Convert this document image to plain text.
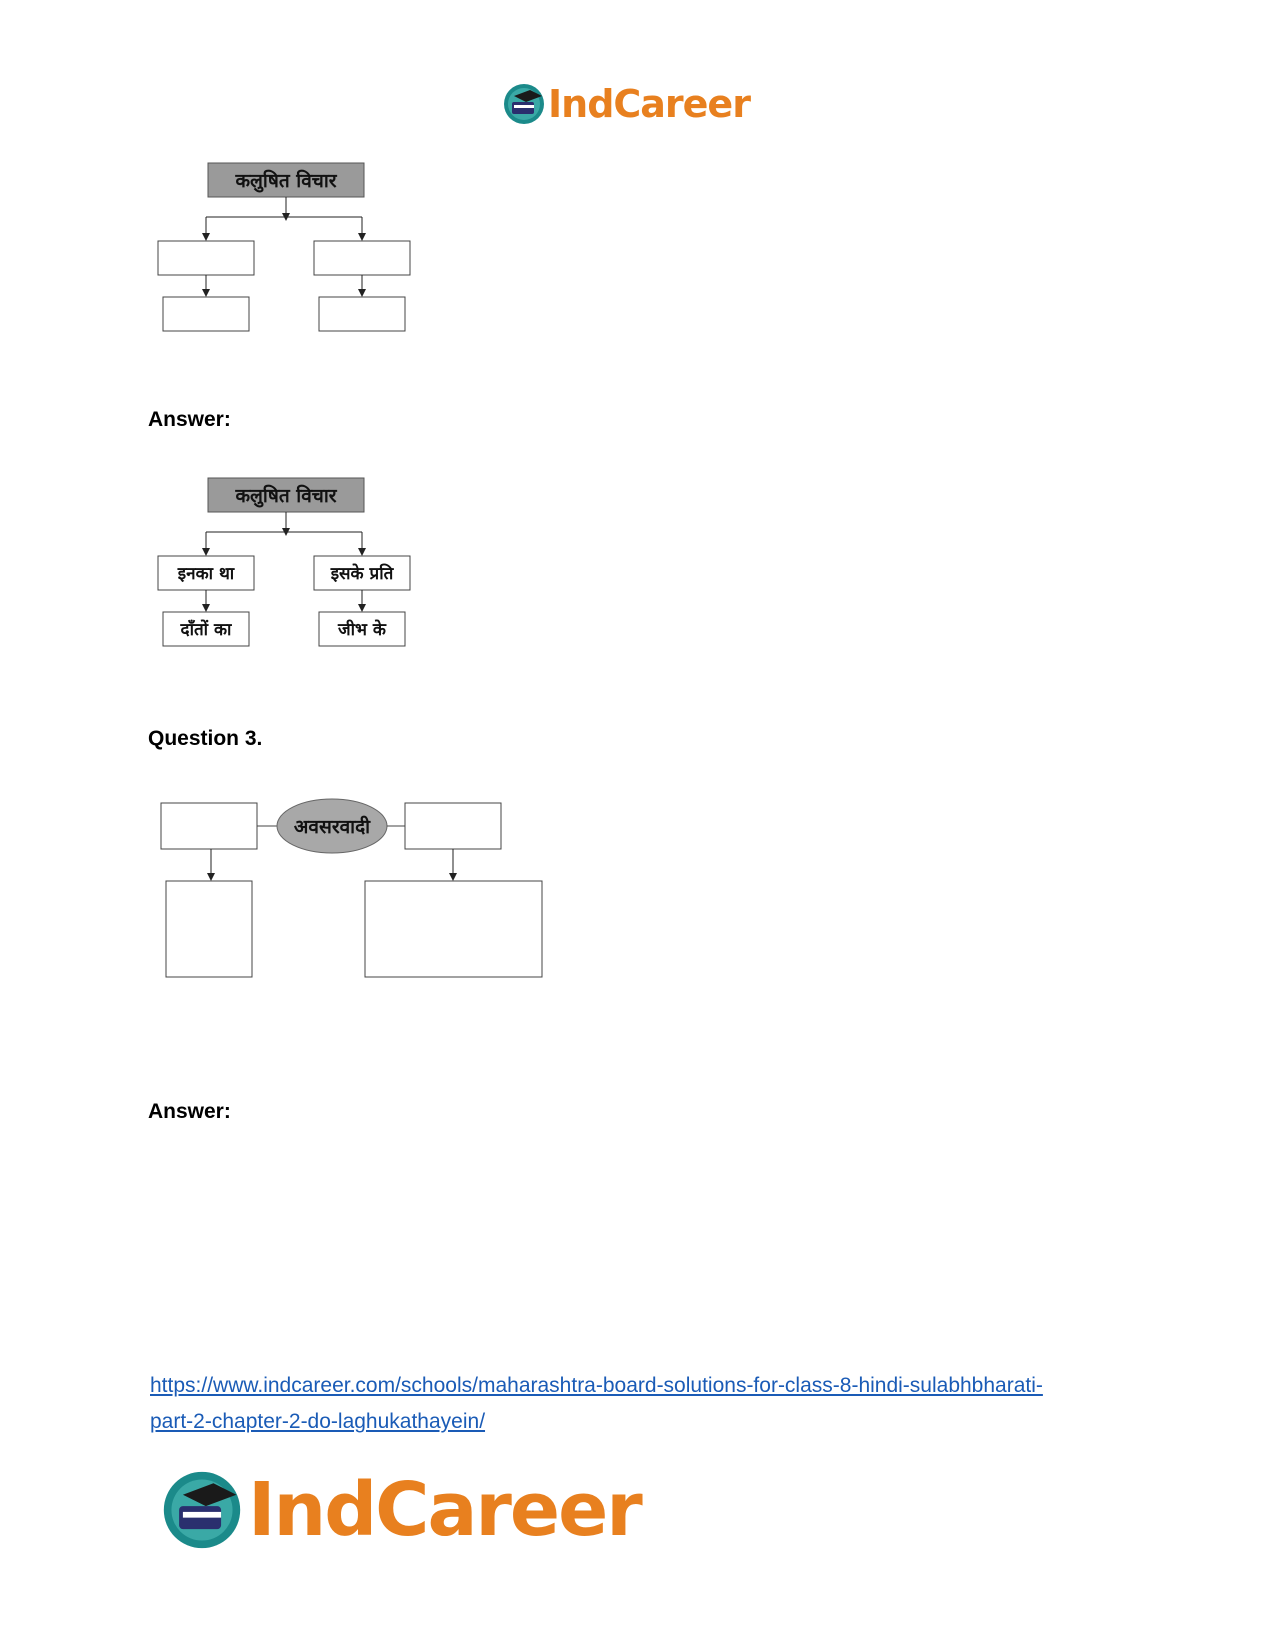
IndCareer
कलुषित विचार
Answer:
कलुषित विचार
इनका था	इसके प्रति
दाँतों का	जीभ के
Question 3.
अवसरवादी
Answer:
https://www.indcareer.com/schools/maharashtra-board-solutions-for-class-8-hindi-sulabhbharati-
part-2-chapter-2-do-laghukathayein/
IndCareer
